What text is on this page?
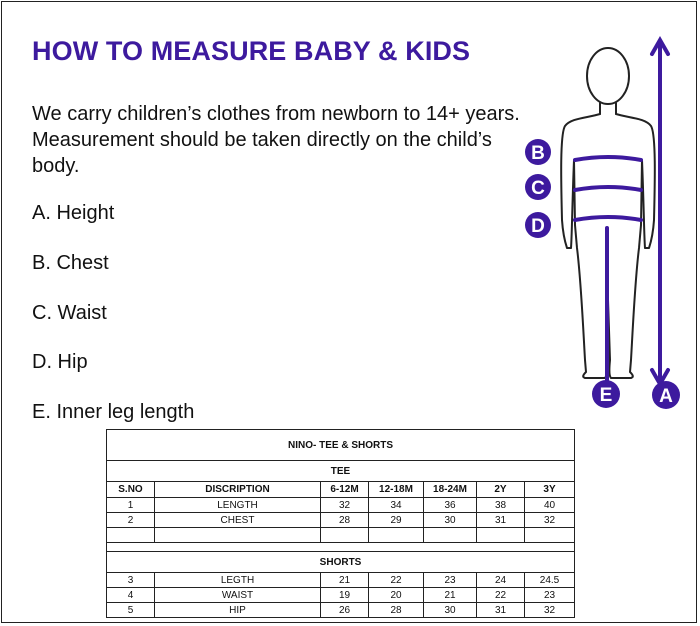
HOW TO MEASURE BABY & KIDS
We carry children’s clothes from newborn to 14+ years. Measurement should be taken directly on the child’s body.
A. Height
B. Chest
C. Waist
D. Hip
E. Inner leg length
B
C
D
E A
NINO- TEE & SHORTS						
TEE						
S.NO	DISCRIPTION	6-12M	12-18M	18-24M	2Y	3Y
1	LENGTH	32	34	36	38	40
2	CHEST	28	29	30	31	32

SHORTS						
3	LEGTH	21	22	23	24	24.5
4	WAIST	19	20	21	22	23
5	HIP	26	28	30	31	32
